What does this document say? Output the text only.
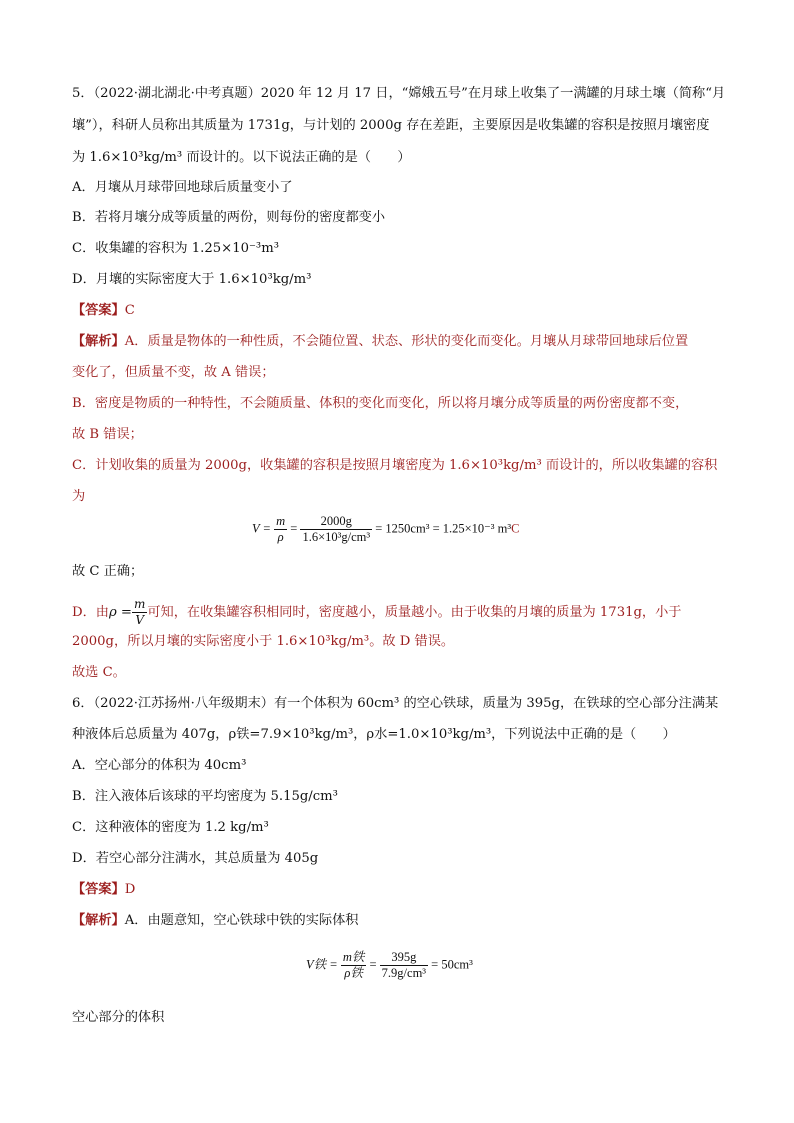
5．（2022·湖北湖北·中考真题）2020 年 12 月 17 日，“嫦娥五号”在月球上收集了一满罐的月球土壤（简称“月
壤”），科研人员称出其质量为 1731g，与计划的 2000g 存在差距，主要原因是收集罐的容积是按照月壤密度
为 1.6×10³kg/m³ 而设计的。以下说法正确的是（　　）
A．月壤从月球带回地球后质量变小了
B．若将月壤分成等质量的两份，则每份的密度都变小
C．收集罐的容积为 1.25×10⁻³m³
D．月壤的实际密度大于 1.6×10³kg/m³
【答案】C
【解析】A．质量是物体的一种性质，不会随位置、状态、形状的变化而变化。月壤从月球带回地球后位置
变化了，但质量不变，故 A 错误；
B．密度是物质的一种特性，不会随质量、体积的变化而变化，所以将月壤分成等质量的两份密度都不变，
故 B 错误；
C．计划收集的质量为 2000g，收集罐的容积是按照月壤密度为 1.6×10³kg/m³ 而设计的，所以收集罐的容积
为
$V = \frac{m}{\rho} = \frac{2000g}{\text{1.6×10³g/cm³}} = 1250cm^3 = 1.25\times 10^{-3}$ m³C
故 C 正确；
D．由$\rho = \frac{m}{V}$ 可知，在收集罐容积相同时，密度越小，质量越小。由于收集的月壤的质量为 1731g，小于
2000g，所以月壤的实际密度小于 1.6×10³kg/m³。故 D 错误。
故选 C。
6．（2022·江苏扬州·八年级期末）有一个体积为 60cm³ 的空心铁球，质量为 395g，在铁球的空心部分注满某
种液体后总质量为 407g，ρ铁=7.9×10³kg/m³，ρ水=1.0×10³kg/m³，下列说法中正确的是（　　）
A．空心部分的体积为 40cm³
B．注入液体后该球的平均密度为 5.15g/cm³
C．这种液体的密度为 1.2 kg/m³
D．若空心部分注满水，其总质量为 405g
【答案】D
【解析】A．由题意知，空心铁球中铁的实际体积
V铁 = $\frac{\text{m铁}}{\text{ρ铁}} = \frac{395g}{\text{7.9g/cm³}} = 50cm^3$
空心部分的体积
